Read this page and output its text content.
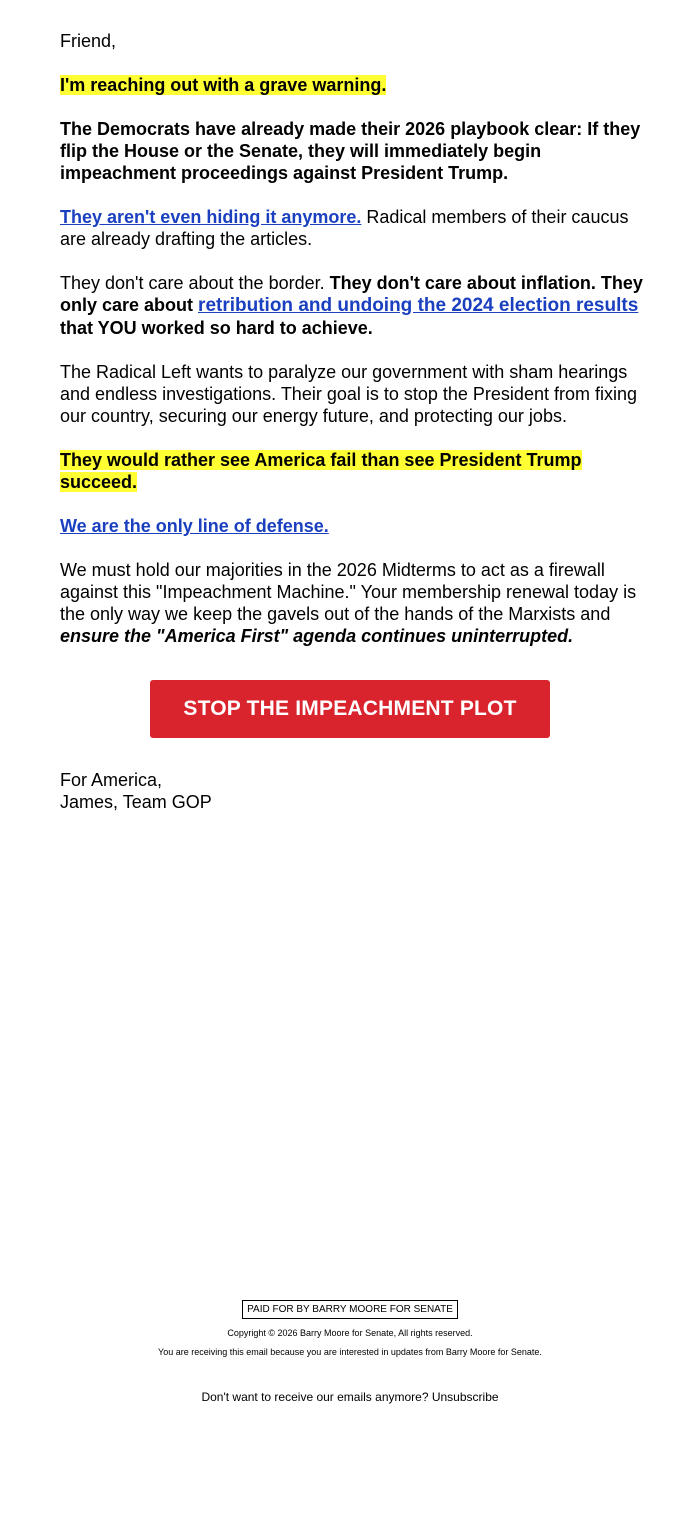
Friend,
I'm reaching out with a grave warning.
The Democrats have already made their 2026 playbook clear: If they flip the House or the Senate, they will immediately begin impeachment proceedings against President Trump.
They aren't even hiding it anymore. Radical members of their caucus are already drafting the articles.
They don't care about the border. They don't care about inflation. They only care about retribution and undoing the 2024 election results that YOU worked so hard to achieve.
The Radical Left wants to paralyze our government with sham hearings and endless investigations. Their goal is to stop the President from fixing our country, securing our energy future, and protecting our jobs.
They would rather see America fail than see President Trump succeed.
We are the only line of defense.
We must hold our majorities in the 2026 Midterms to act as a firewall against this "Impeachment Machine." Your membership renewal today is the only way we keep the gavels out of the hands of the Marxists and ensure the "America First" agenda continues uninterrupted.
STOP THE IMPEACHMENT PLOT
For America,
James, Team GOP
PAID FOR BY BARRY MOORE FOR SENATE
Copyright © 2026 Barry Moore for Senate, All rights reserved.
You are receiving this email because you are interested in updates from Barry Moore for Senate.
Don't want to receive our emails anymore? Unsubscribe
